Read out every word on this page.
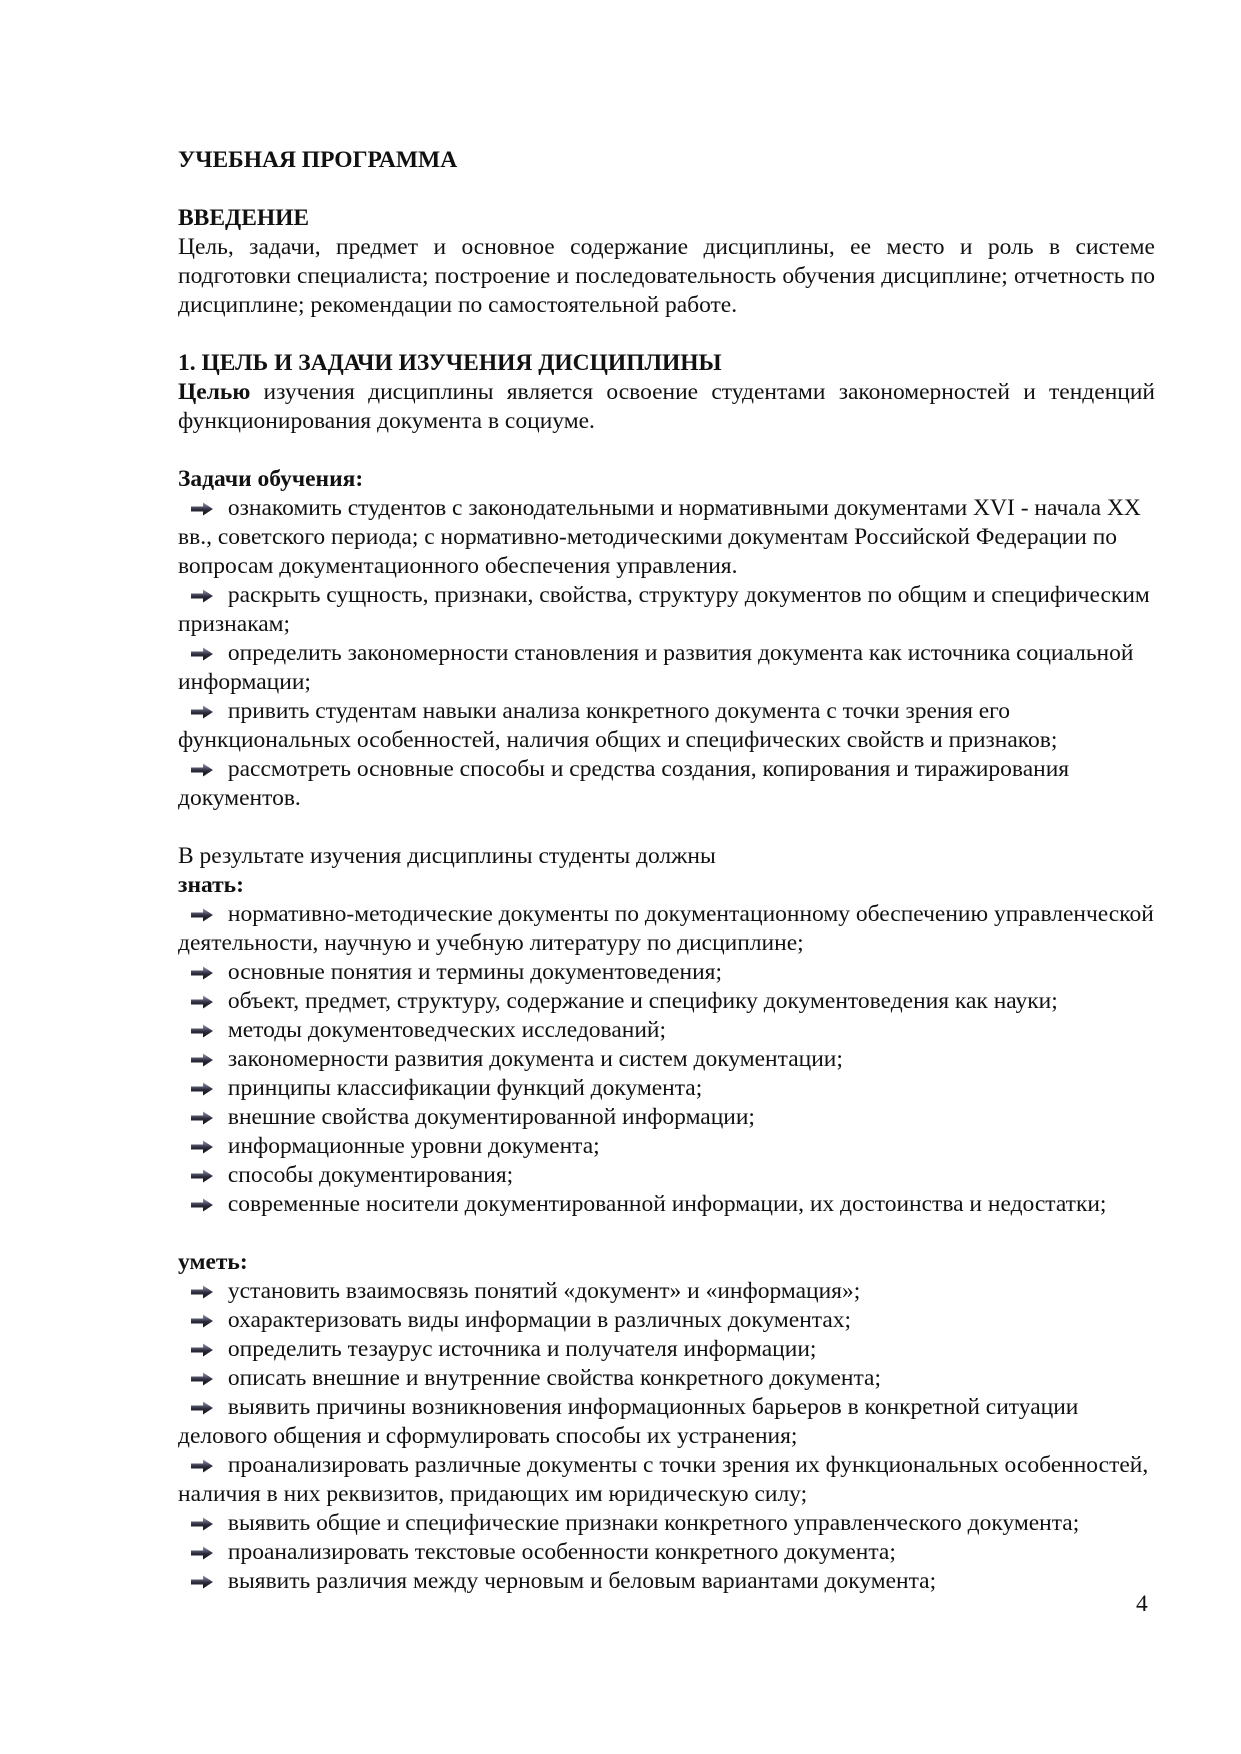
УЧЕБНАЯ ПРОГРАММА

ВВЕДЕНИЕ

Цель, задачи, предмет и основное содержание дисциплины, ее место и роль в системе подготовки специалиста; построение и последовательность обучения дисциплине; отчетность по дисциплине; рекомендации по самостоятельной работе.

1. ЦЕЛЬ И ЗАДАЧИ ИЗУЧЕНИЯ ДИСЦИПЛИНЫ

Целью изучения дисциплины является освоение студентами закономерностей и тенденций функционирования документа в социуме.

Задачи обучения:

ознакомить студентов с законодательными и нормативными документами XVI - начала XX вв., советского периода; с нормативно-методическими документам Российской Федерации по вопросам документационного обеспечения управления.
раскрыть сущность, признаки, свойства, структуру документов по общим и специфическим признакам;
определить закономерности становления и развития документа как источника социальной информации;
привить студентам навыки анализа конкретного документа с точки зрения его функциональных особенностей, наличия общих и специфических свойств и признаков;
рассмотреть основные способы и средства создания, копирования и тиражирования документов.

В результате изучения дисциплины студенты должны

знать:

нормативно-методические документы по документационному обеспечению управленческой деятельности, научную и учебную литературу по дисциплине;
основные понятия и термины документоведения;
объект, предмет, структуру, содержание и специфику документоведения как науки;
методы документоведческих исследований;
закономерности развития документа и систем документации;
принципы классификации функций документа;
внешние свойства документированной информации;
информационные уровни документа;
способы документирования;
современные носители документированной информации, их достоинства и недостатки;

уметь:

установить взаимосвязь понятий «документ» и «информация»;
охарактеризовать виды информации в различных документах;
определить тезаурус источника и получателя информации;
описать внешние и внутренние свойства конкретного документа;
выявить причины возникновения информационных барьеров в конкретной ситуации делового общения и сформулировать способы их устранения;
проанализировать различные документы с точки зрения их функциональных особенностей, наличия в них реквизитов, придающих им юридическую силу;
выявить общие и специфические признаки конкретного управленческого документа;
проанализировать текстовые особенности конкретного документа;
выявить различия между черновым и беловым вариантами документа;
4
